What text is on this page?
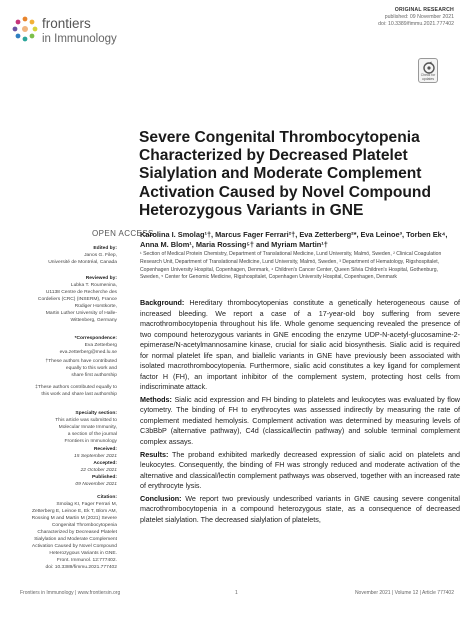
frontiers
in Immunology
ORIGINAL RESEARCH
published: 09 November 2021
doi: 10.3389/fimmu.2021.777402
Check for updates
Severe Congenital Thrombocytopenia Characterized by Decreased Platelet Sialylation and Moderate Complement Activation Caused by Novel Compound Heterozygous Variants in GNE
OPEN ACCESS
Karolina I. Smolag¹†, Marcus Fager Ferrari²†, Eva Zetterberg²*, Eva Leinoe³, Torben Ek⁴, Anna M. Blom¹, Maria Rossing⁵† and Myriam Martin¹†
¹ Section of Medical Protein Chemistry, Department of Translational Medicine, Lund University, Malmö, Sweden, ² Clinical Coagulation Research Unit, Department of Translational Medicine, Lund University, Malmö, Sweden, ³ Department of Hematology, Rigshospitalet, Copenhagen University Hospital, Copenhagen, Denmark, ⁴ Children's Cancer Center, Queen Silvia Children's Hospital, Gothenburg, Sweden, ⁵ Center for Genomic Medicine, Rigshospitalet, Copenhagen University Hospital, Copenhagen, Denmark
Edited by:
Janos G. Filep,
Université de Montréal, Canada
Reviewed by:
Lubka T. Roumenina,
U1138 Centre de Recherche des
Cordeliers (CRC) (INSERM), France
Rüdiger Horstkorte,
Martin Luther University of Halle-
Wittenberg, Germany
*Correspondence:
Eva Zetterberg
eva.zetterberg@med.lu.se
†These authors have contributed
equally to this work and
share first authorship
‡These authors contributed equally to
this work and share last authorship
Specialty section:
This article was submitted to
Molecular Innate Immunity,
a section of the journal
Frontiers in Immunology
Received:
15 September 2021
Accepted:
22 October 2021
Published:
09 November 2021
Citation:
Smolag KI, Fager Ferrari M,
Zetterberg E, Leinoe E, Ek T, Blom AM,
Rossing M and Martin M (2021) Severe
Congenital Thrombocytopenia
Characterized by Decreased Platelet
Sialylation and Moderate Complement
Activation Caused by Novel Compound
Heterozygous Variants in GNE.
Front. Immunol. 12:777402.
doi: 10.3389/fimmu.2021.777402

Background: Hereditary thrombocytopenias constitute a genetically heterogeneous cause of increased bleeding. We report a case of a 17-year-old boy suffering from severe macrothrombocytopenia throughout his life. Whole genome sequencing revealed the presence of two compound heterozygous variants in GNE encoding the enzyme UDP-N-acetyl-glucosamine-2-epimerase/N-acetylmannosamine kinase, crucial for sialic acid biosynthesis. Sialic acid is required for normal platelet life span, and biallelic variants in GNE have previously been associated with isolated macrothrombocytopenia. Furthermore, sialic acid constitutes a key ligand for complement factor H (FH), an important inhibitor of the complement system, protecting host cells from indiscriminate attack.

Methods: Sialic acid expression and FH binding to platelets and leukocytes was evaluated by flow cytometry. The binding of FH to erythrocytes was assessed indirectly by measuring the rate of complement mediated hemolysis. Complement activation was determined by measuring levels of C3bBbP (alternative pathway), C4d (classical/lectin pathway) and soluble terminal complement complex assays.

Results: The proband exhibited markedly decreased expression of sialic acid on platelets and leukocytes. Consequently, the binding of FH was strongly reduced and moderate activation of the alternative and classical/lectin complement pathways was observed, together with an increased rate of erythrocyte lysis.

Conclusion: We report two previously undescribed variants in GNE causing severe congenital macrothrombocytopenia in a compound heterozygous state, as a consequence of decreased platelet sialylation. The decreased sialylation of platelets,

Frontiers in Immunology | www.frontiersin.org	1	November 2021 | Volume 12 | Article 777402
